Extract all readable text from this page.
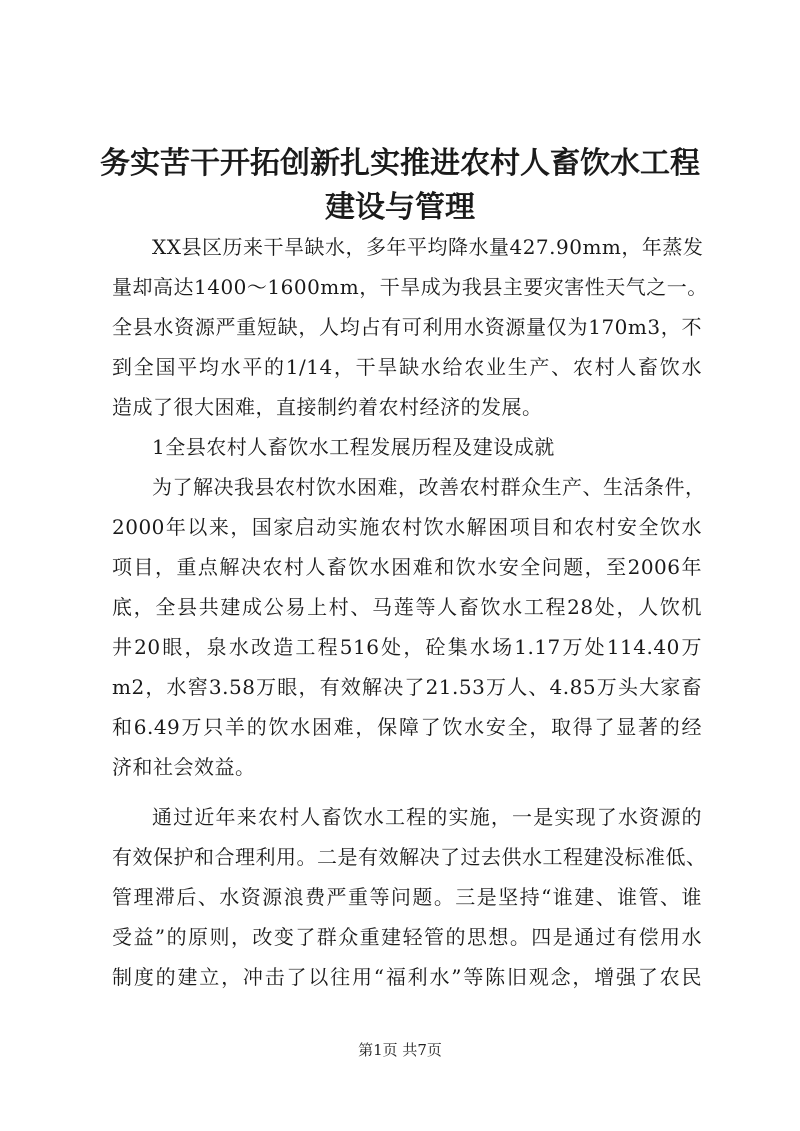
务实苦干开拓创新扎实推进农村人畜饮水工程
建设与管理
XX县区历来干旱缺水，多年平均降水量427.90mm，年蒸发
量却高达1400～1600mm，干旱成为我县主要灾害性天气之一。
全县水资源严重短缺，人均占有可利用水资源量仅为170m3，不
到全国平均水平的1/14，干旱缺水给农业生产、农村人畜饮水
造成了很大困难，直接制约着农村经济的发展。
1全县农村人畜饮水工程发展历程及建设成就
为了解决我县农村饮水困难，改善农村群众生产、生活条件，
2000年以来，国家启动实施农村饮水解困项目和农村安全饮水
项目，重点解决农村人畜饮水困难和饮水安全问题，至2006年
底，全县共建成公易上村、马莲等人畜饮水工程28处，人饮机
井20眼，泉水改造工程516处，砼集水场1.17万处114.40万
m2，水窖3.58万眼，有效解决了21.53万人、4.85万头大家畜
和6.49万只羊的饮水困难，保障了饮水安全，取得了显著的经
济和社会效益。
通过近年来农村人畜饮水工程的实施，一是实现了水资源的
有效保护和合理利用。二是有效解决了过去供水工程建没标准低、
管理滞后、水资源浪费严重等问题。三是坚持“谁建、谁管、谁
受益”的原则，改变了群众重建轻管的思想。四是通过有偿用水
制度的建立，冲击了以往用“福利水”等陈旧观念，增强了农民
第1页 共7页
